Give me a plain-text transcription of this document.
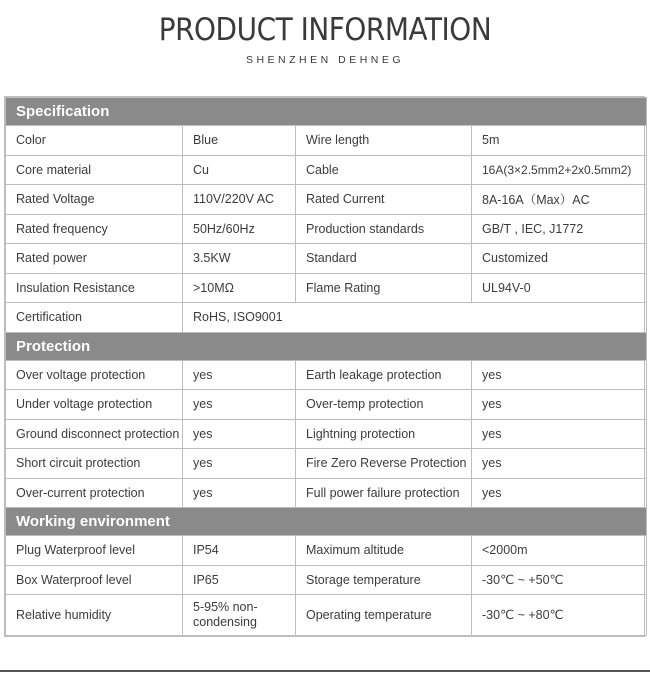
PRODUCT INFORMATION
SHENZHEN DEHNEG
Specification			
Color	Blue	Wire length	5m
Core material	Cu	Cable	16A(3×2.5mm2+2x0.5mm2)
Rated Voltage	110V/220V AC	Rated Current	8A-16A（Max）AC
Rated frequency	50Hz/60Hz	Production standards	GB/T , IEC, J1772
Rated power	3.5KW	Standard	Customized
Insulation Resistance	>10MΩ	Flame Rating	UL94V-0
Certification	RoHS, ISO9001		
Protection			
Over voltage protection	yes	Earth leakage protection	yes
Under voltage protection	yes	Over-temp protection	yes
Ground disconnect protection	yes	Lightning protection	yes
Short circuit protection	yes	Fire Zero Reverse Protection	yes
Over-current protection	yes	Full power failure protection	yes
Working environment			
Plug Waterproof level	IP54	Maximum altitude	<2000m
Box Waterproof level	IP65	Storage temperature	-30℃ ~ +50℃
Relative humidity	5-95% non-condensing	Operating temperature	-30℃ ~ +80℃
